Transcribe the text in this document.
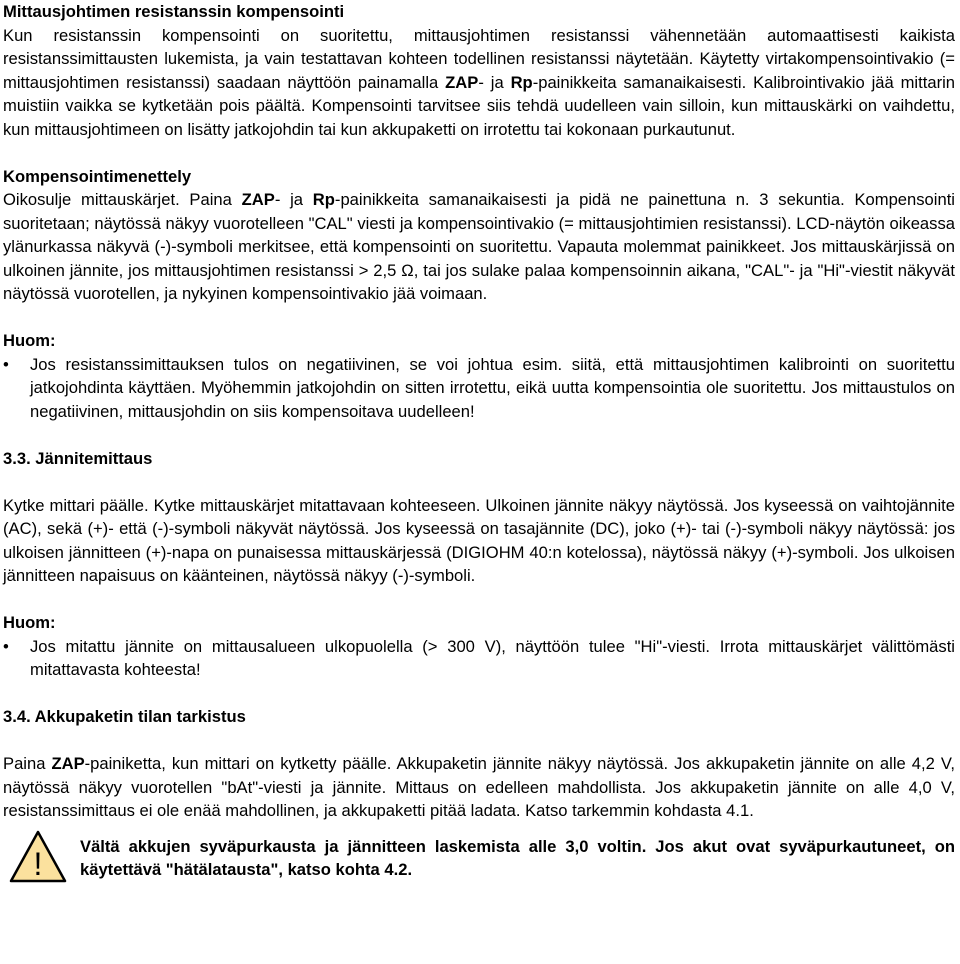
Mittausjohtimen resistanssin kompensointi

Kun resistanssin kompensointi on suoritettu, mittausjohtimen resistanssi vähennetään automaattisesti kaikista resistanssimittausten lukemista, ja vain testattavan kohteen todellinen resistanssi näytetään. Käytetty virtakompensointivakio (= mittausjohtimen resistanssi) saadaan näyttöön painamalla ZAP- ja Rp-painikkeita samanaikaisesti. Kalibrointivakio jää mittarin muistiin vaikka se kytketään pois päältä. Kompensointi tarvitsee siis tehdä uudelleen vain silloin, kun mittauskärki on vaihdettu, kun mittausjohtimeen on lisätty jatkojohdin tai kun akkupaketti on irrotettu tai kokonaan purkautunut.

Kompensointimenettely

Oikosulje mittauskärjet. Paina ZAP- ja Rp-painikkeita samanaikaisesti ja pidä ne painettuna n. 3 sekuntia. Kompensointi suoritetaan; näytössä näkyy vuorotelleen "CAL" viesti ja kompensointivakio (= mittausjohtimien resistanssi). LCD-näytön oikeassa ylänurkassa näkyvä (-)-symboli merkitsee, että kompensointi on suoritettu. Vapauta molemmat painikkeet. Jos mittauskärjissä on ulkoinen jännite, jos mittausjohtimen resistanssi > 2,5 Ω, tai jos sulake palaa kompensoinnin aikana, "CAL"- ja "Hi"-viestit näkyvät näytössä vuorotellen, ja nykyinen kompensointivakio jää voimaan.

Huom:

• Jos resistanssimittauksen tulos on negatiivinen, se voi johtua esim. siitä, että mittausjohtimen kalibrointi on suoritettu jatkojohdinta käyttäen. Myöhemmin jatkojohdin on sitten irrotettu, eikä uutta kompensointia ole suoritettu. Jos mittaustulos on negatiivinen, mittausjohdin on siis kompensoitava uudelleen!
3.3. Jännitemittaus

Kytke mittari päälle. Kytke mittauskärjet mitattavaan kohteeseen. Ulkoinen jännite näkyy näytössä. Jos kyseessä on vaihtojännite (AC), sekä (+)- että (-)-symboli näkyvät näytössä. Jos kyseessä on tasajännite (DC), joko (+)- tai (-)-symboli näkyy näytössä: jos ulkoisen jännitteen (+)-napa on punaisessa mittauskärjessä (DIGIOHM 40:n kotelossa), näytössä näkyy (+)-symboli. Jos ulkoisen jännitteen napaisuus on käänteinen, näytössä näkyy (-)-symboli.

Huom:

• Jos mitattu jännite on mittausalueen ulkopuolella (> 300 V), näyttöön tulee "Hi"-viesti. Irrota mittauskärjet välittömästi mitattavasta kohteesta!
3.4. Akkupaketin tilan tarkistus

Paina ZAP-painiketta, kun mittari on kytketty päälle. Akkupaketin jännite näkyy näytössä. Jos akkupaketin jännite on alle 4,2 V, näytössä näkyy vuorotellen "bAt"-viesti ja jännite. Mittaus on edelleen mahdollista. Jos akkupaketin jännite on alle 4,0 V, resistanssimittaus ei ole enää mahdollinen, ja akkupaketti pitää ladata. Katso tarkemmin kohdasta 4.1.

! Vältä akkujen syväpurkausta ja jännitteen laskemista alle 3,0 voltin. Jos akut ovat syväpurkautuneet, on käytettävä "hätälatausta", katso kohta 4.2.
